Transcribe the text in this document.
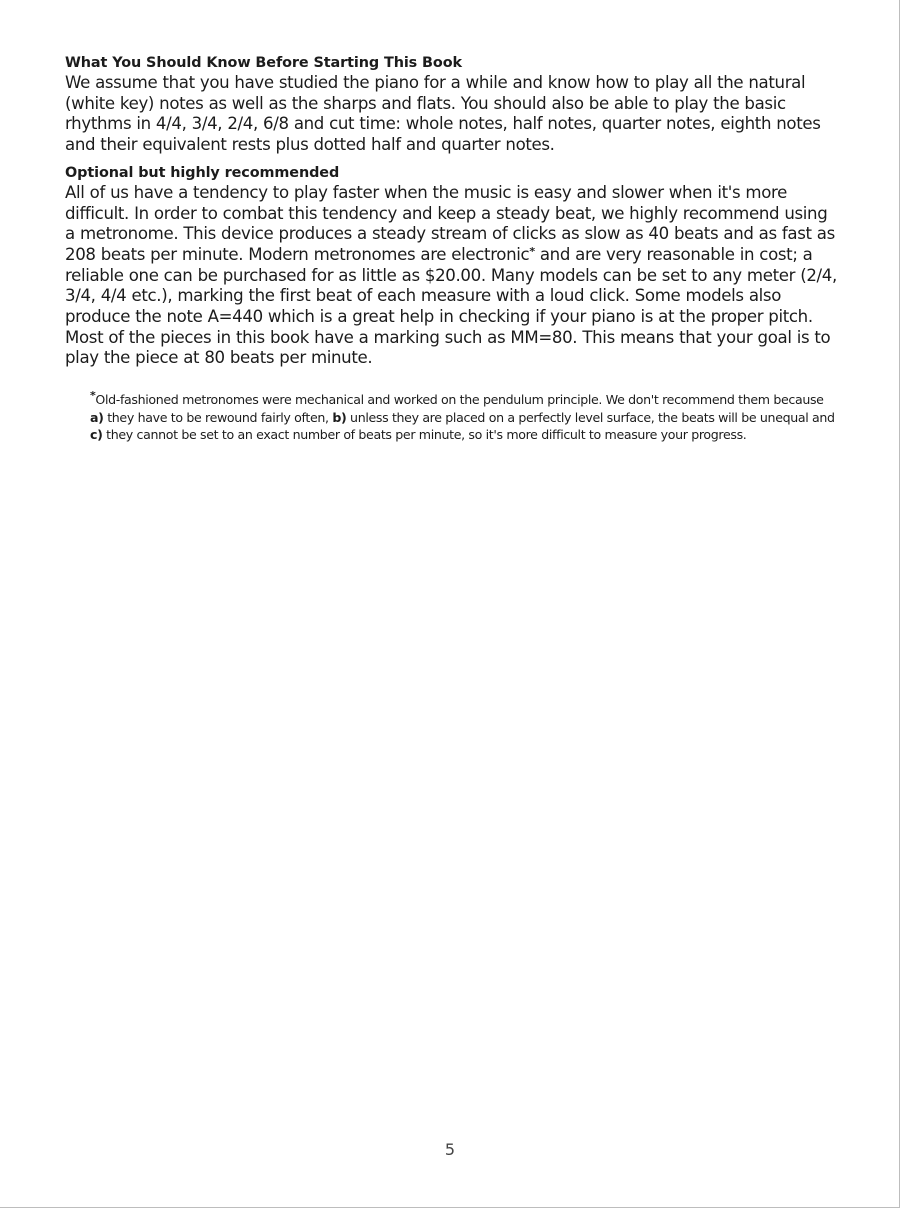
What You Should Know Before Starting This Book

We assume that you have studied the piano for a while and know how to play all the natural (white key) notes as well as the sharps and flats. You should also be able to play the basic rhythms in 4/4, 3/4, 2/4, 6/8 and cut time: whole notes, half notes, quarter notes, eighth notes and their equivalent rests plus dotted half and quarter notes.

Optional but highly recommended

All of us have a tendency to play faster when the music is easy and slower when it's more difficult. In order to combat this tendency and keep a steady beat, we highly recommend using a metronome. This device produces a steady stream of clicks as slow as 40 beats and as fast as 208 beats per minute. Modern metronomes are electronic* and are very reasonable in cost; a reliable one can be purchased for as little as $20.00. Many models can be set to any meter (2/4, 3/4, 4/4 etc.), marking the first beat of each measure with a loud click. Some models also produce the note A=440 which is a great help in checking if your piano is at the proper pitch. Most of the pieces in this book have a marking such as MM=80. This means that your goal is to play the piece at 80 beats per minute.

*Old-fashioned metronomes were mechanical and worked on the pendulum principle. We don't recommend them because a) they have to be rewound fairly often, b) unless they are placed on a perfectly level surface, the beats will be unequal and c) they cannot be set to an exact number of beats per minute, so it's more difficult to measure your progress.

5
